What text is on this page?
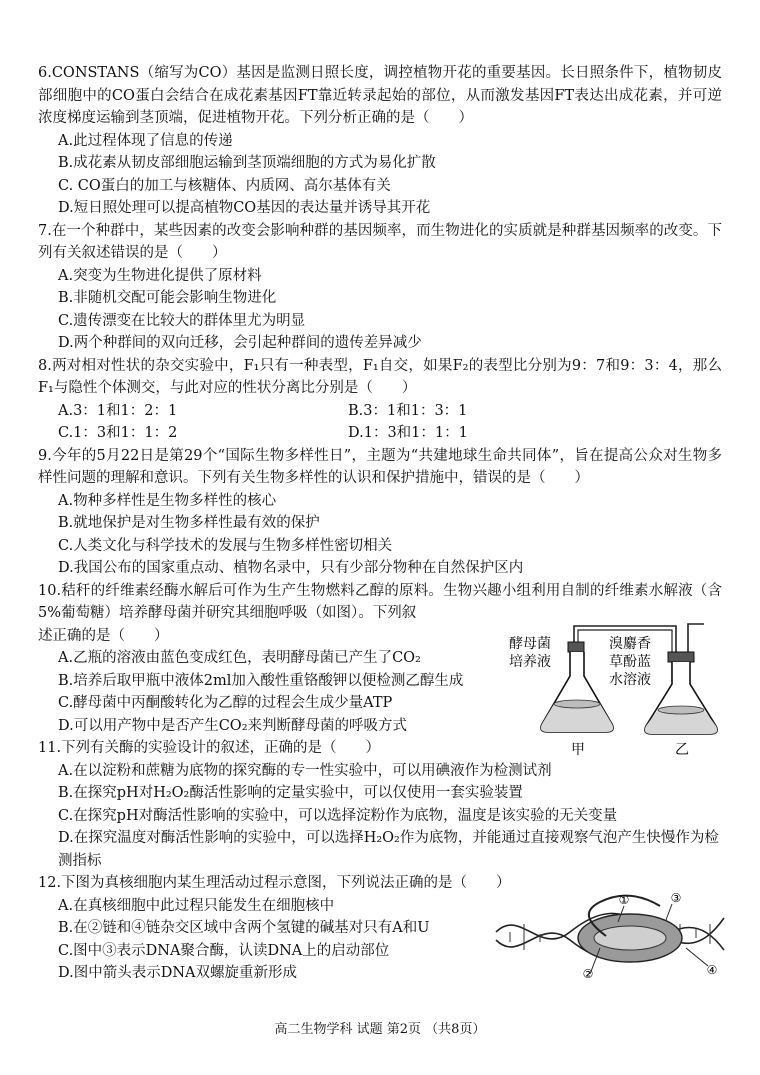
6.CONSTANS（缩写为CO）基因是监测日照长度，调控植物开花的重要基因。长日照条件下，植物韧皮部细胞中的CO蛋白会结合在成花素基因FT靠近转录起始的部位，从而激发基因FT表达出成花素，并可逆浓度梯度运输到茎顶端，促进植物开花。下列分析正确的是（　　）

A.此过程体现了信息的传递

B.成花素从韧皮部细胞运输到茎顶端细胞的方式为易化扩散

C. CO蛋白的加工与核糖体、内质网、高尔基体有关

D.短日照处理可以提高植物CO基因的表达量并诱导其开花

7.在一个种群中，某些因素的改变会影响种群的基因频率，而生物进化的实质就是种群基因频率的改变。下列有关叙述错误的是（　　）

A.突变为生物进化提供了原材料

B.非随机交配可能会影响生物进化

C.遗传漂变在比较大的群体里尤为明显

D.两个种群间的双向迁移，会引起种群间的遗传差异减少

8.两对相对性状的杂交实验中，F₁只有一种表型，F₁自交，如果F₂的表型比分别为9：7和9：3：4，那么F₁与隐性个体测交，与此对应的性状分离比分别是（　　）

A.3：1和1：2：1	B.3：1和1：3：1
C.1：3和1：1：2	D.1：3和1：1：1

9.今年的5月22日是第29个“国际生物多样性日”，主题为“共建地球生命共同体”，旨在提高公众对生物多样性问题的理解和意识。下列有关生物多样性的认识和保护措施中，错误的是（　　）

A.物种多样性是生物多样性的核心

B.就地保护是对生物多样性最有效的保护

C.人类文化与科学技术的发展与生物多样性密切相关

D.我国公布的国家重点动、植物名录中，只有少部分物种在自然保护区内

10.秸秆的纤维素经酶水解后可作为生产生物燃料乙醇的原料。生物兴趣小组利用自制的纤维素水解液（含5%葡萄糖）培养酵母菌并研究其细胞呼吸（如图）。下列叙

述正确的是（　　）

A.乙瓶的溶液由蓝色变成红色，表明酵母菌已产生了CO₂

B.培养后取甲瓶中液体2ml加入酸性重铬酸钾以便检测乙醇生成

C.酵母菌中丙酮酸转化为乙醇的过程会生成少量ATP

D.可以用产物中是否产生CO₂来判断酵母菌的呼吸方式

酵母菌
培养液
溴麝香
草酚蓝
水溶液
甲	乙

11.下列有关酶的实验设计的叙述，正确的是（　　）

A.在以淀粉和蔗糖为底物的探究酶的专一性实验中，可以用碘液作为检测试剂

B.在探究pH对H₂O₂酶活性影响的定量实验中，可以仅使用一套实验装置

C.在探究pH对酶活性影响的实验中，可以选择淀粉作为底物，温度是该实验的无关变量

D.在探究温度对酶活性影响的实验中，可以选择H₂O₂作为底物，并能通过直接观察气泡产生快慢作为检测指标

12.下图为真核细胞内某生理活动过程示意图，下列说法正确的是（　　）

A.在真核细胞中此过程只能发生在细胞核中

B.在②链和④链杂交区域中含两个氢键的碱基对只有A和U

C.图中③表示DNA聚合酶，认读DNA上的启动部位

D.图中箭头表示DNA双螺旋重新形成

①
②
③
④
高二生物学科 试题 第2页 （共8页）
